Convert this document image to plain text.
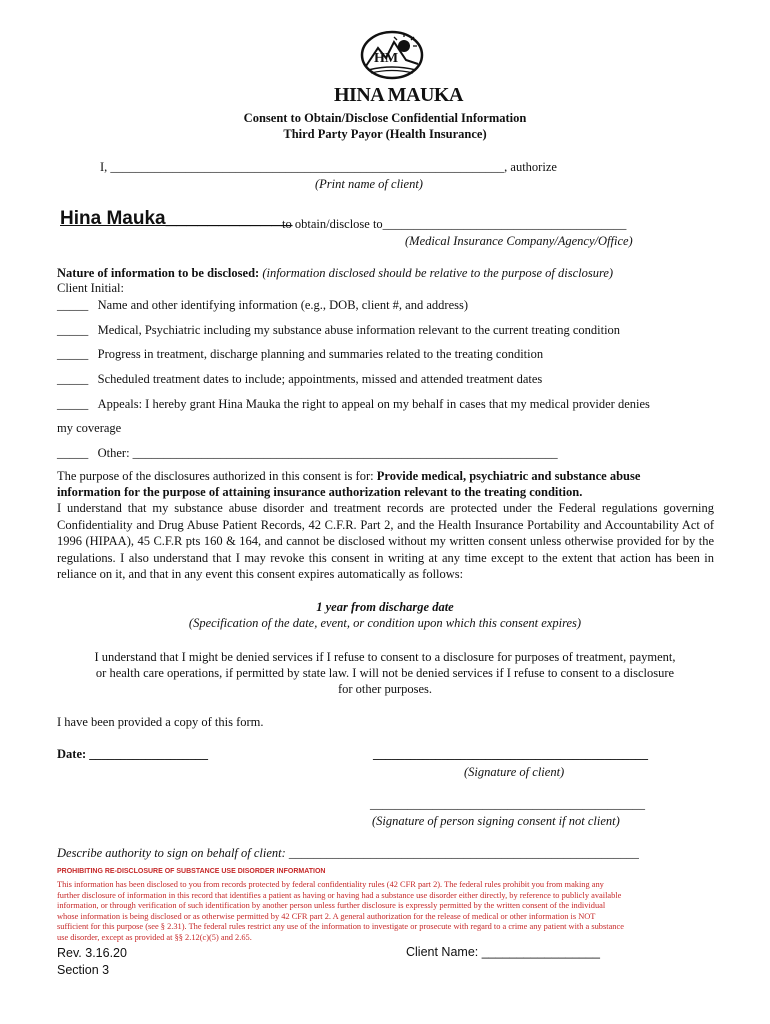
HM
HINA MAUKA
Consent to Obtain/Disclose Confidential Information
Third Party Payor (Health Insurance)
I, _______________________________________________________________, authorize
(Print name of client)
Hina Mauka____________
to obtain/disclose to_______________________________________
(Medical Insurance Company/Agency/Office)
Nature of information to be disclosed: (information disclosed should be relative to the purpose of disclosure)
Client Initial:
_____ Name and other identifying information (e.g., DOB, client #, and address)
_____ Medical, Psychiatric including my substance abuse information relevant to the current treating condition
_____ Progress in treatment, discharge planning and summaries related to the treating condition
_____ Scheduled treatment dates to include; appointments, missed and attended treatment dates
_____ Appeals: I hereby grant Hina Mauka the right to appeal on my behalf in cases that my medical provider denies
my coverage
_____ Other: ____________________________________________________________________
The purpose of the disclosures authorized in this consent is for: Provide medical, psychiatric and substance abuse
information for the purpose of attaining insurance authorization relevant to the treating condition.
I understand that my substance abuse disorder and treatment records are protected under the Federal regulations governing Confidentiality and Drug Abuse Patient Records, 42 C.F.R. Part 2, and the Health Insurance Portability and Accountability Act of 1996 (HIPAA), 45 C.F.R pts 160 & 164, and cannot be disclosed without my written consent unless otherwise provided for by the regulations. I also understand that I may revoke this consent in writing at any time except to the extent that action has been in reliance on it, and that in any event this consent expires automatically as follows:
1 year from discharge date
(Specification of the date, event, or condition upon which this consent expires)
I understand that I might be denied services if I refuse to consent to a disclosure for purposes of treatment, payment,
or health care operations, if permitted by state law. I will not be denied services if I refuse to consent to a disclosure
for other purposes.
I have been provided a copy of this form.
Date: ___________________	____________________________________________
(Signature of client)
____________________________________________
(Signature of person signing consent if not client)
Describe authority to sign on behalf of client: ________________________________________________________
PROHIBITING RE-DISCLOSURE OF SUBSTANCE USE DISORDER INFORMATION
This information has been disclosed to you from records protected by federal confidentiality rules (42 CFR part 2). The federal rules prohibit you from making any
further disclosure of information in this record that identifies a patient as having or having had a substance use disorder either directly, by reference to publicly available
information, or through verification of such identification by another person unless further disclosure is expressly permitted by the written consent of the individual
whose information is being disclosed or as otherwise permitted by 42 CFR part 2. A general authorization for the release of medical or other information is NOT
sufficient for this purpose (see § 2.31). The federal rules restrict any use of the information to investigate or prosecute with regard to a crime any patient with a substance
use disorder, except as provided at §§ 2.12(c)(5) and 2.65.
Rev. 3.16.20
Section 3
Client Name: _________________
